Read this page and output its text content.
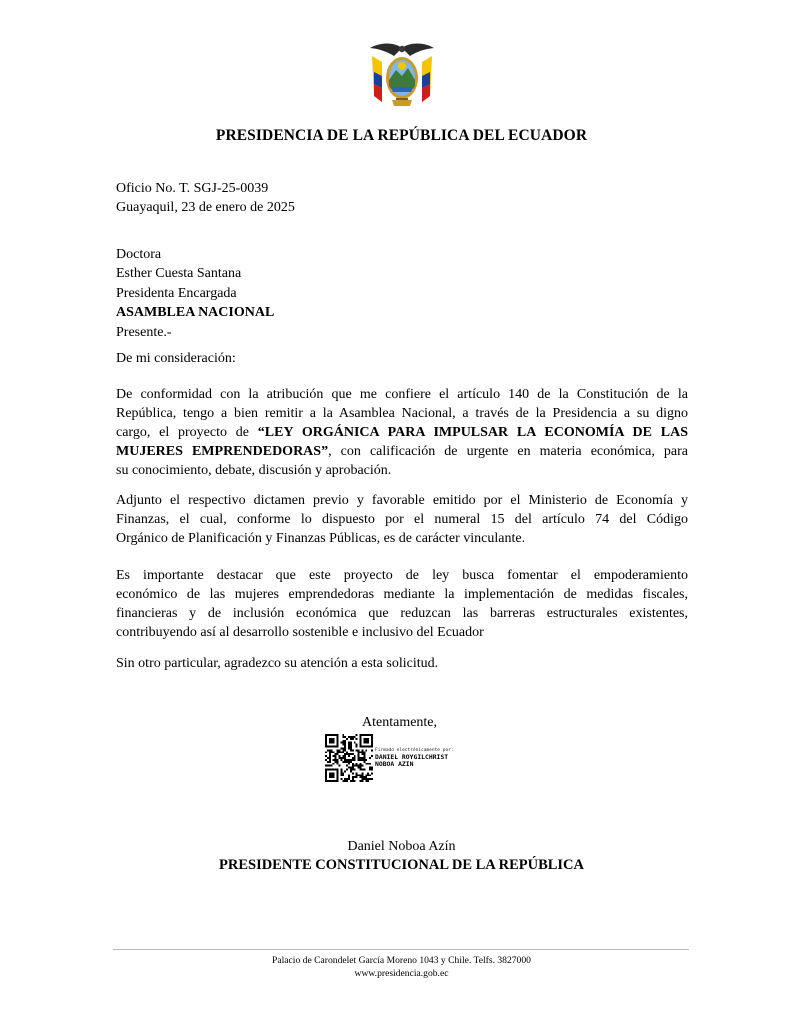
PRESIDENCIA DE LA REPÚBLICA DEL ECUADOR
Oficio No. T. SGJ-25-0039
Guayaquil, 23 de enero de 2025
Doctora
Esther Cuesta Santana
Presidenta Encargada
ASAMBLEA NACIONAL
Presente.-
De mi consideración:
De conformidad con la atribución que me confiere el artículo 140 de la Constitución de la
República, tengo a bien remitir a la Asamblea Nacional, a través de la Presidencia a su digno
cargo, el proyecto de “LEY ORGÁNICA PARA IMPULSAR LA ECONOMÍA DE LAS
MUJERES EMPRENDEDORAS”, con calificación de urgente en materia económica, para
su conocimiento, debate, discusión y aprobación.
Adjunto el respectivo dictamen previo y favorable emitido por el Ministerio de Economía y
Finanzas, el cual, conforme lo dispuesto por el numeral 15 del artículo 74 del Código
Orgánico de Planificación y Finanzas Públicas, es de carácter vinculante.
Es importante destacar que este proyecto de ley busca fomentar el empoderamiento
económico de las mujeres emprendedoras mediante la implementación de medidas fiscales,
financieras y de inclusión económica que reduzcan las barreras estructurales existentes,
contribuyendo así al desarrollo sostenible e inclusivo del Ecuador
Sin otro particular, agradezco su atención a esta solicitud.
Atentamente,
Firmado electrónicamente por:
DANIEL ROYGILCHRIST
NOBOA AZIN
Daniel Noboa Azín
PRESIDENTE CONSTITUCIONAL DE LA REPÚBLICA
Palacio de Carondelet García Moreno 1043 y Chile. Telfs. 3827000
www.presidencia.gob.ec
